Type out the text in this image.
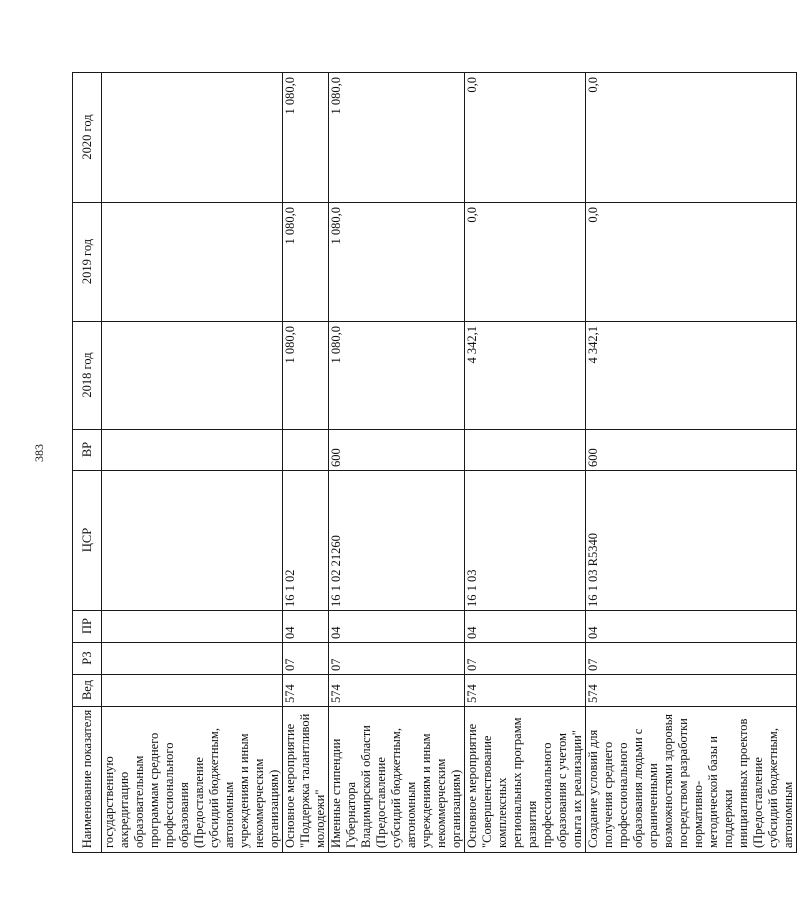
383
Наименование показателя	Вед	РЗ	ПР	ЦСР	ВР	2018 год	2019 год	2020 год
государственную аккредитацию образовательным программам среднего профессионального образования (Предоставление субсидий бюджетным, автономным учреждениям и иным некоммерческим организациям)								
Основное мероприятие "Поддержка талантливой молодежи"	574	07	04	16 1 02		1 080,0	1 080,0	1 080,0
Именные стипендии Губернатора Владимирской области (Предоставление субсидий бюджетным, автономным учреждениям и иным некоммерческим организациям)	574	07	04	16 1 02 21260	600	1 080,0	1 080,0	1 080,0
Основное мероприятие "Совершенствование комплексных региональных программ развития профессионального образования с учетом опыта их реализации"	574	07	04	16 1 03		4 342,1	0,0	0,0
Создание условий для получения среднего профессионального образования людьми с ограниченными возможностями здоровья посредством разработки нормативно-методической базы и поддержки инициативных проектов (Предоставление субсидий бюджетным, автономным	574	07	04	16 1 03 R5340	600	4 342,1	0,0	0,0
